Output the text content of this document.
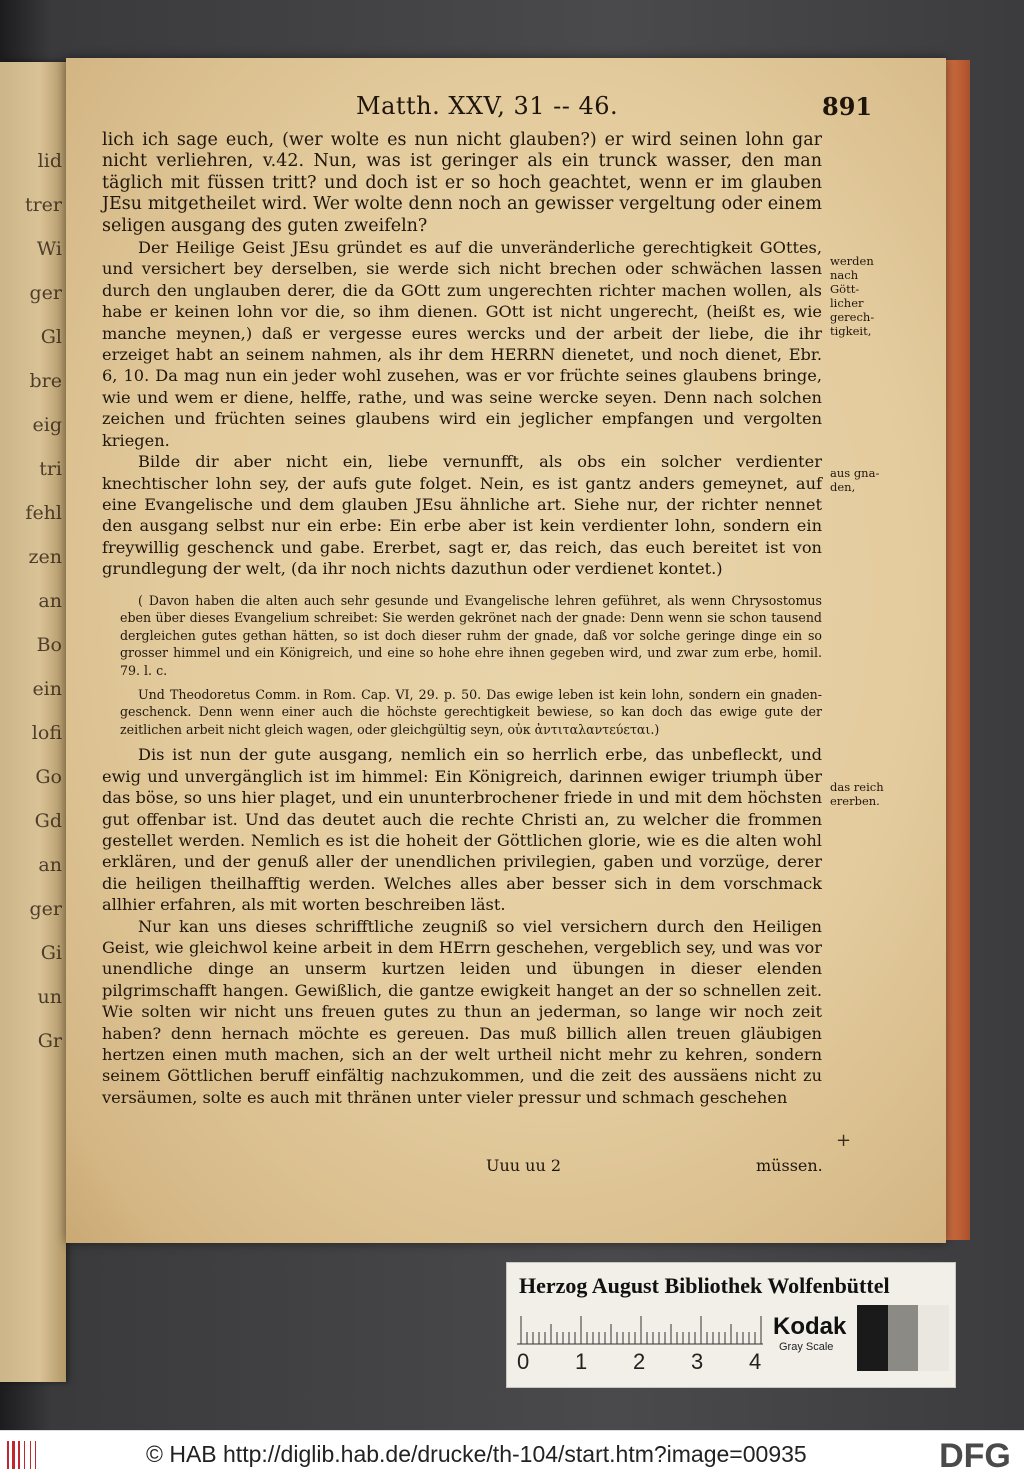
lid
trer
Wi
ger
Gl
bre
eig
tri
fehl
zen
an
Bo
ein
lofi
Go
Gd
an
ger
Gi
un
Gr
Matth. XXV, 31 -- 46.	891

lich ich sage euch, (wer wolte es nun nicht glauben?) er wird seinen lohn gar nicht verliehren, v.42. Nun, was ist geringer als ein trunck wasser, den man täglich mit füssen tritt? und doch ist er so hoch geachtet, wenn er im glauben JEsu mitgetheilet wird. Wer wolte denn noch an gewisser vergeltung oder einem seligen ausgang des guten zweifeln?

Der Heilige Geist JEsu gründet es auf die unveränderliche gerechtigkeit GOttes, und versichert bey derselben, sie werde sich nicht brechen oder schwächen lassen durch den unglauben derer, die da GOtt zum ungerechten richter machen wollen, als habe er keinen lohn vor die, so ihm dienen. GOtt ist nicht ungerecht, (heißt es, wie manche meynen,) daß er vergesse eures wercks und der arbeit der liebe, die ihr erzeiget habt an seinem nahmen, als ihr dem HERRN dienetet, und noch dienet, Ebr. 6, 10. Da mag nun ein jeder wohl zusehen, was er vor früchte seines glaubens bringe, wie und wem er diene, helffe, rathe, und was seine wercke seyen. Denn nach solchen zeichen und früchten seines glaubens wird ein jeglicher empfangen und vergolten kriegen.

Bilde dir aber nicht ein, liebe vernunfft, als obs ein solcher verdienter knechtischer lohn sey, der aufs gute folget. Nein, es ist gantz anders gemeynet, auf eine Evangelische und dem glauben JEsu ähnliche art. Siehe nur, der richter nennet den ausgang selbst nur ein erbe: Ein erbe aber ist kein verdienter lohn, sondern ein freywillig geschenck und gabe. Ererbet, sagt er, das reich, das euch bereitet ist von grundlegung der welt, (da ihr noch nichts dazuthun oder verdienet kontet.)

( Davon haben die alten auch sehr gesunde und Evangelische lehren geführet, als wenn Chrysostomus eben über dieses Evangelium schreibet: Sie werden gekrönet nach der gnade: Denn wenn sie schon tausend dergleichen gutes gethan hätten, so ist doch dieser ruhm der gnade, daß vor solche geringe dinge ein so grosser himmel und ein Königreich, und eine so hohe ehre ihnen gegeben wird, und zwar zum erbe, homil. 79. l. c.

Und Theodoretus Comm. in Rom. Cap. VI, 29. p. 50. Das ewige leben ist kein lohn, sondern ein gnaden-geschenck. Denn wenn einer auch die höchste gerechtigkeit bewiese, so kan doch das ewige gute der zeitlichen arbeit nicht gleich wagen, oder gleichgültig seyn, οὐκ ἀντιταλαντεύεται.)

Dis ist nun der gute ausgang, nemlich ein so herrlich erbe, das unbefleckt, und ewig und unvergänglich ist im himmel: Ein Königreich, darinnen ewiger triumph über das böse, so uns hier plaget, und ein ununterbrochener friede in und mit dem höchsten gut offenbar ist. Und das deutet auch die rechte Christi an, zu welcher die frommen gestellet werden. Nemlich es ist die hoheit der Göttlichen glorie, wie es die alten wohl erklären, und der genuß aller der unendlichen privilegien, gaben und vorzüge, derer die heiligen theilhafftig werden. Welches alles aber besser sich in dem vorschmack allhier erfahren, als mit worten beschreiben läst.

Nur kan uns dieses schrifftliche zeugniß so viel versichern durch den Heiligen Geist, wie gleichwol keine arbeit in dem HErrn geschehen, vergeblich sey, und was vor unendliche dinge an unserm kurtzen leiden und übungen in dieser elenden pilgrimschafft hangen. Gewißlich, die gantze ewigkeit hanget an der so schnellen zeit. Wie solten wir nicht uns freuen gutes zu thun an jederman, so lange wir noch zeit haben? denn hernach möchte es gereuen. Das muß billich allen treuen gläubigen hertzen einen muth machen, sich an der welt urtheil nicht mehr zu kehren, sondern seinem Göttlichen beruff einfältig nachzukommen, und die zeit des aussäens nicht zu versäumen, solte es auch mit thränen unter vieler pressur und schmach geschehen

werden
nach Gött-
licher
gerech-
tigkeit,
aus gna-
den,
das reich
ererben.
+
Uuu uu 2	müssen.
Herzog August Bibliothek Wolfenbüttel
0 1 2 3 4
Kodak
Gray Scale
© HAB http://diglib.hab.de/drucke/th-104/start.htm?image=00935	DFG
